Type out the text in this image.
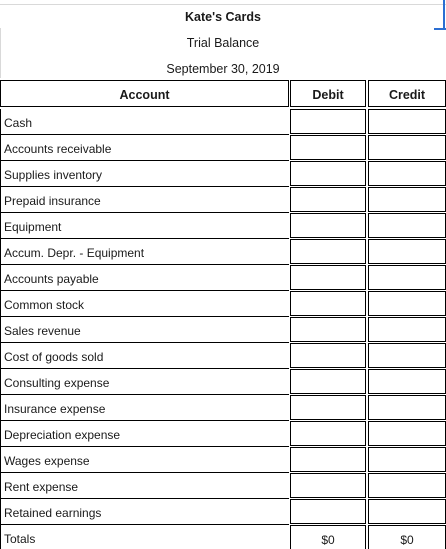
Kate's Cards
Trial Balance
September 30, 2019
Account	Debit	Credit
Cash
Accounts receivable
Supplies inventory
Prepaid insurance
Equipment
Accum. Depr. - Equipment
Accounts payable
Common stock
Sales revenue
Cost of goods sold
Consulting expense
Insurance expense
Depreciation expense
Wages expense
Rent expense
Retained earnings
Totals	$0	$0
